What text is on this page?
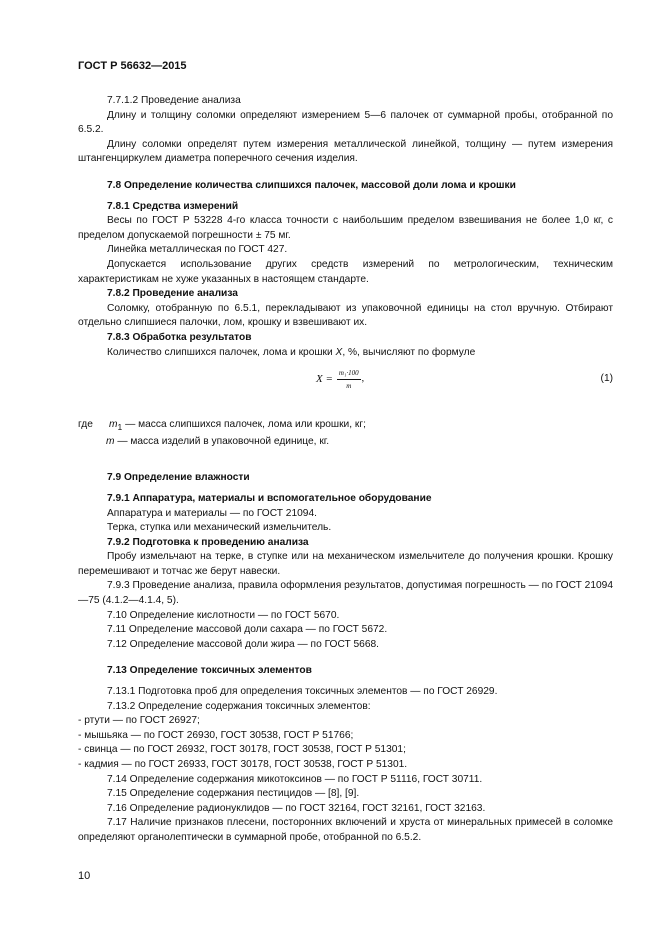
ГОСТ Р 56632—2015

7.7.1.2 Проведение анализа

Длину и толщину соломки определяют измерением 5—6 палочек от суммарной пробы, отобранной по 6.5.2.

Длину соломки определят путем измерения металлической линейкой, толщину — путем измерения штангенциркулем диаметра поперечного сечения изделия.

7.8 Определение количества слипшихся палочек, массовой доли лома и крошки

7.8.1 Средства измерений

Весы по ГОСТ Р 53228 4-го класса точности с наибольшим пределом взвешивания не более 1,0 кг, с пределом допускаемой погрешности ± 75 мг.

Линейка металлическая по ГОСТ 427.

Допускается использование других средств измерений по метрологическим, техническим характеристикам не хуже указанных в настоящем стандарте.

7.8.2 Проведение анализа

Соломку, отобранную по 6.5.1, перекладывают из упаковочной единицы на стол вручную. Отбирают отдельно слипшиеся палочки, лом, крошку и взвешивают их.

7.8.3 Обработка результатов

Количество слипшихся палочек, лома и крошки X, %, вычисляют по формуле

$X = \frac{\text{m₁·100}}{m}$ ,	(1)
где	$m_1$ — масса слипшихся палочек, лома или крошки, кг;
m — масса изделий в упаковочной единице, кг.

7.9 Определение влажности

7.9.1 Аппаратура, материалы и вспомогательное оборудование

Аппаратура и материалы — по ГОСТ 21094.

Терка, ступка или механический измельчитель.

7.9.2 Подготовка к проведению анализа

Пробу измельчают на терке, в ступке или на механическом измельчителе до получения крошки. Крошку перемешивают и тотчас же берут навески.

7.9.3 Проведение анализа, правила оформления результатов, допустимая погрешность — по ГОСТ 21094—75 (4.1.2—4.1.4, 5).

7.10 Определение кислотности — по ГОСТ 5670.

7.11 Определение массовой доли сахара — по ГОСТ 5672.

7.12 Определение массовой доли жира — по ГОСТ 5668.

7.13 Определение токсичных элементов

7.13.1 Подготовка проб для определения токсичных элементов — по ГОСТ 26929.

7.13.2 Определение содержания токсичных элементов:

- ртути — по ГОСТ 26927;

- мышьяка — по ГОСТ 26930, ГОСТ 30538, ГОСТ Р 51766;

- свинца — по ГОСТ 26932, ГОСТ 30178, ГОСТ 30538, ГОСТ Р 51301;

- кадмия — по ГОСТ 26933, ГОСТ 30178, ГОСТ 30538, ГОСТ Р 51301.

7.14 Определение содержания микотоксинов — по ГОСТ Р 51116, ГОСТ 30711.

7.15 Определение содержания пестицидов — [8], [9].

7.16 Определение радионуклидов — по ГОСТ 32164, ГОСТ 32161, ГОСТ 32163.

7.17 Наличие признаков плесени, посторонних включений и хруста от минеральных примесей в соломке определяют органолептически в суммарной пробе, отобранной по 6.5.2.

10
